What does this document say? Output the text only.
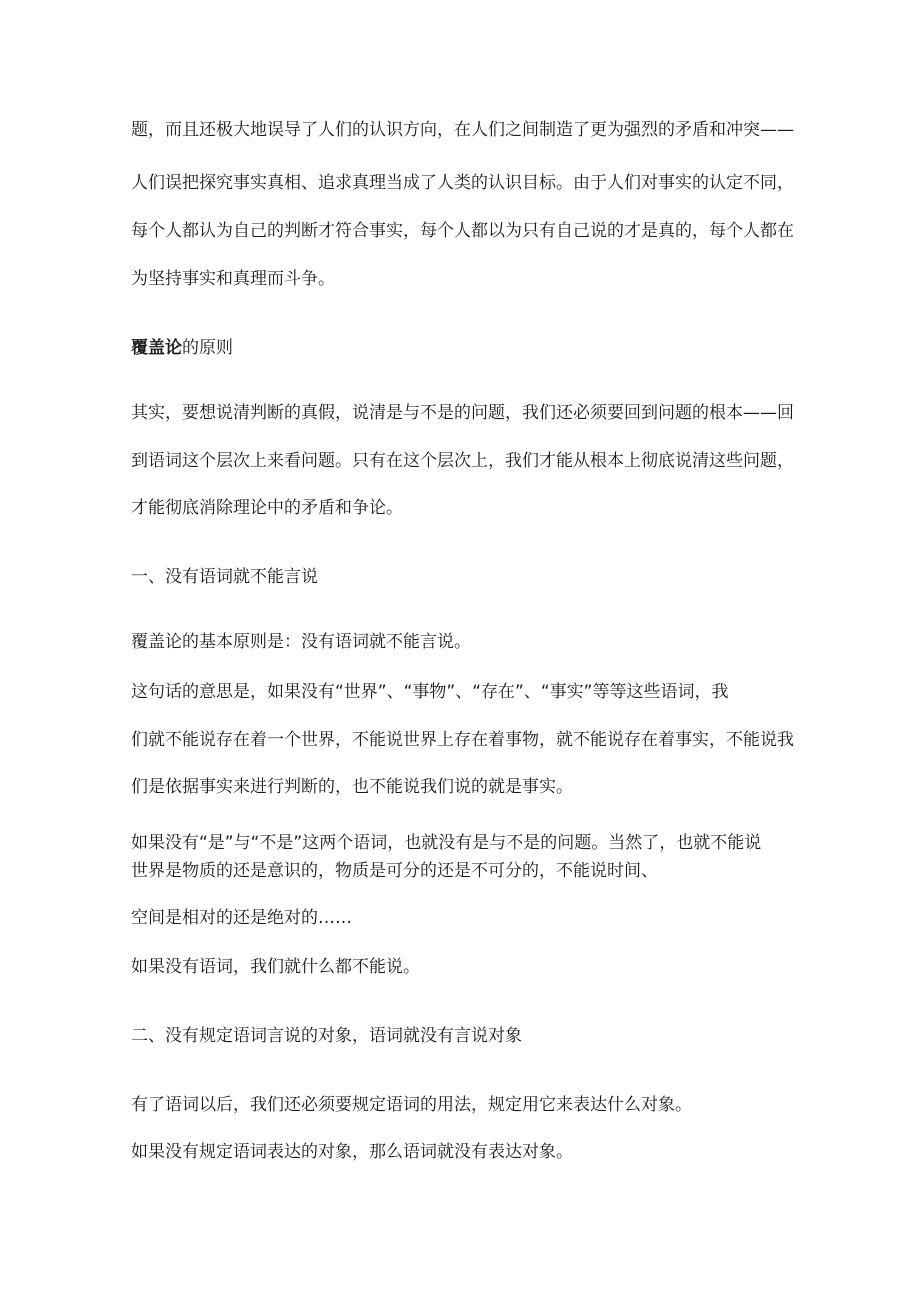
题，而且还极大地误导了人们的认识方向，在人们之间制造了更为强烈的矛盾和冲突——
人们误把探究事实真相、追求真理当成了人类的认识目标。由于人们对事实的认定不同，
每个人都认为自己的判断才符合事实，每个人都以为只有自己说的才是真的，每个人都在
为坚持事实和真理而斗争。
覆盖论的原则
其实，要想说清判断的真假，说清是与不是的问题，我们还必须要回到问题的根本——回
到语词这个层次上来看问题。只有在这个层次上，我们才能从根本上彻底说清这些问题，
才能彻底消除理论中的矛盾和争论。
一、没有语词就不能言说
覆盖论的基本原则是：没有语词就不能言说。
这句话的意思是，如果没有“世界”、“事物”、“存在”、“事实”等等这些语词，我
们就不能说存在着一个世界，不能说世界上存在着事物，就不能说存在着事实，不能说我
们是依据事实来进行判断的，也不能说我们说的就是事实。
如果没有“是”与“不是”这两个语词，也就没有是与不是的问题。当然了，也就不能说
世界是物质的还是意识的，物质是可分的还是不可分的，不能说时间、
空间是相对的还是绝对的……
如果没有语词，我们就什么都不能说。
二、没有规定语词言说的对象，语词就没有言说对象
有了语词以后，我们还必须要规定语词的用法，规定用它来表达什么对象。
如果没有规定语词表达的对象，那么语词就没有表达对象。
